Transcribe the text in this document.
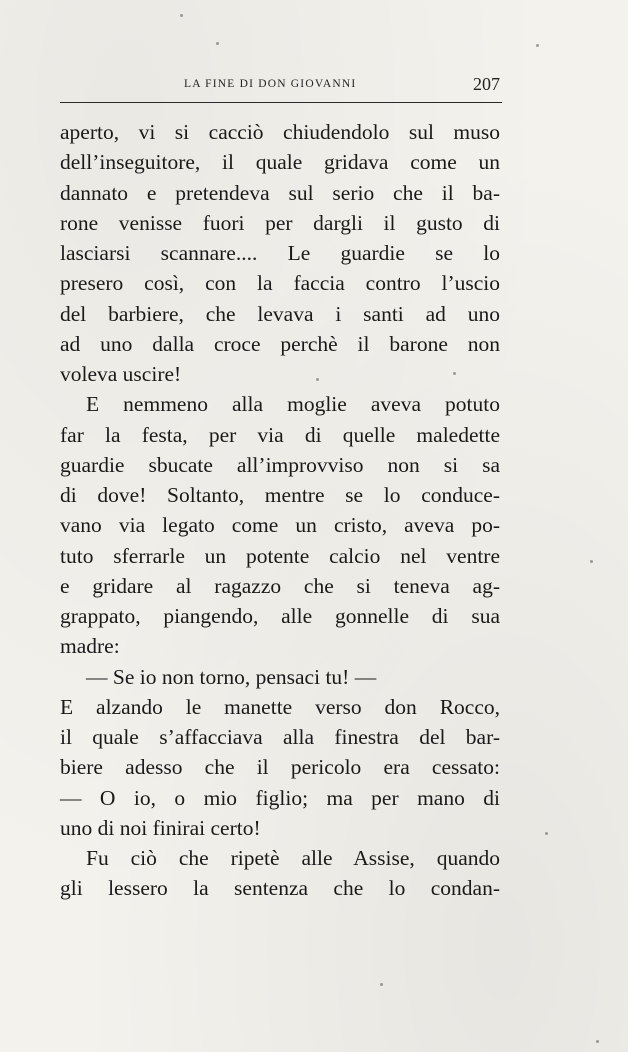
LA FINE DI DON GIOVANNI	207
aperto, vi si cacciò chiudendolo sul muso
dell’inseguitore, il quale gridava come un
dannato e pretendeva sul serio che il ba-
rone venisse fuori per dargli il gusto di
lasciarsi scannare.... Le guardie se lo
presero così, con la faccia contro l’uscio
del barbiere, che levava i santi ad uno
ad uno dalla croce perchè il barone non
voleva uscire!
E nemmeno alla moglie aveva potuto
far la festa, per via di quelle maledette
guardie sbucate all’improvviso non si sa
di dove! Soltanto, mentre se lo conduce-
vano via legato come un cristo, aveva po-
tuto sferrarle un potente calcio nel ventre
e gridare al ragazzo che si teneva ag-
grappato, piangendo, alle gonnelle di sua
madre:
— Se io non torno, pensaci tu! —
E alzando le manette verso don Rocco,
il quale s’affacciava alla finestra del bar-
biere adesso che il pericolo era cessato:
— O io, o mio figlio; ma per mano di
uno di noi finirai certo!
Fu ciò che ripetè alle Assise, quando
gli lessero la sentenza che lo condan-
